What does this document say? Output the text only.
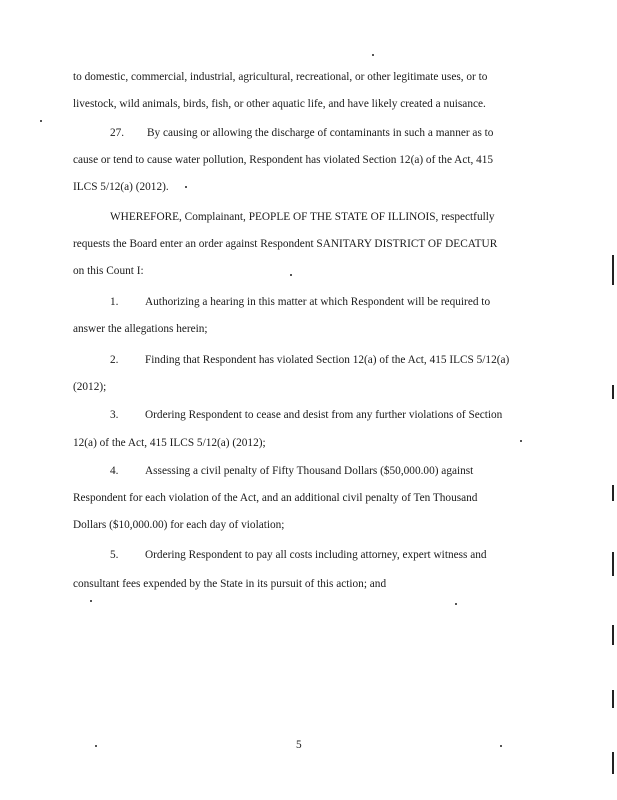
to domestic, commercial, industrial, agricultural, recreational, or other legitimate uses, or to
livestock, wild animals, birds, fish, or other aquatic life, and have likely created a nuisance.
27. By causing or allowing the discharge of contaminants in such a manner as to
cause or tend to cause water pollution, Respondent has violated Section 12(a) of the Act, 415
ILCS 5/12(a) (2012).
WHEREFORE, Complainant, PEOPLE OF THE STATE OF ILLINOIS, respectfully
requests the Board enter an order against Respondent SANITARY DISTRICT OF DECATUR
on this Count I:
1. Authorizing a hearing in this matter at which Respondent will be required to
answer the allegations herein;
2. Finding that Respondent has violated Section 12(a) of the Act, 415 ILCS 5/12(a)
(2012);
3. Ordering Respondent to cease and desist from any further violations of Section
12(a) of the Act, 415 ILCS 5/12(a) (2012);
4. Assessing a civil penalty of Fifty Thousand Dollars ($50,000.00) against
Respondent for each violation of the Act, and an additional civil penalty of Ten Thousand
Dollars ($10,000.00) for each day of violation;
5. Ordering Respondent to pay all costs including attorney, expert witness and
consultant fees expended by the State in its pursuit of this action; and
5
